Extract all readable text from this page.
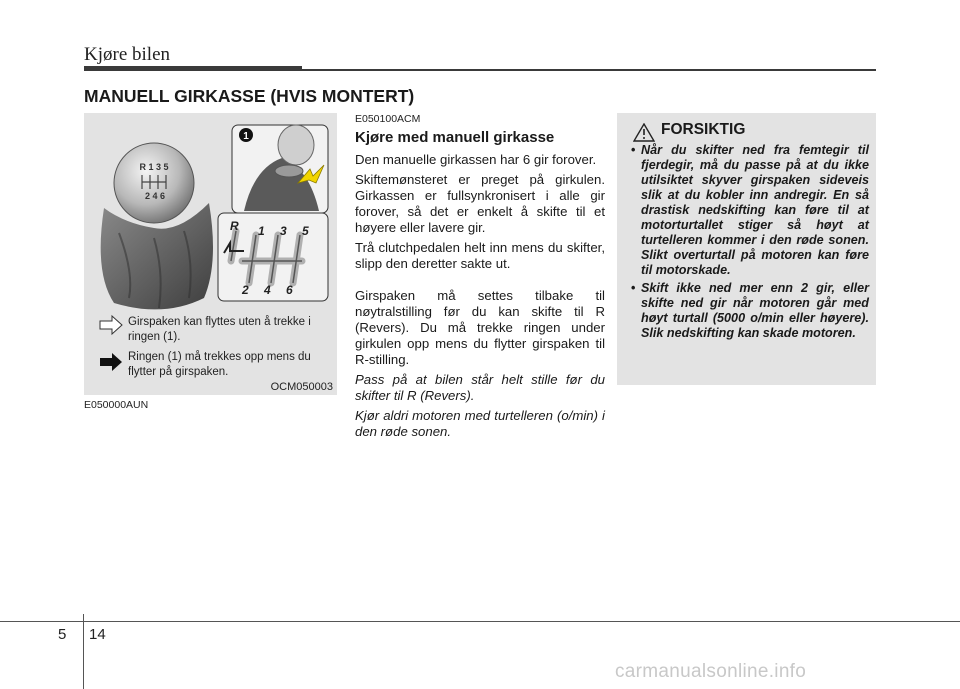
Kjøre bilen
MANUELL GIRKASSE (HVIS MONTERT)
R 1 3 5
2 4 6
1
R 1 3 5
2 4 6
Girspaken kan flyttes uten å trekke i ringen (1).
Ringen (1) må trekkes opp mens du flytter på girspaken.
OCM050003
E050000AUN
E050100ACM
Kjøre med manuell girkasse

Den manuelle girkassen har 6 gir forover.

Skiftemønsteret er preget på girkulen. Girkassen er fullsynkronisert i alle gir forover, så det er enkelt å skifte til et høyere eller lavere gir.

Trå clutchpedalen helt inn mens du skifter, slipp den deretter sakte ut.

Girspaken må settes tilbake til nøytralstilling før du kan skifte til R (Revers). Du må trekke ringen under girkulen opp mens du flytter girspaken til R-stilling.

Pass på at bilen står helt stille før du skifter til R (Revers).

Kjør aldri motoren med turtelleren (o/min) i den røde sonen.

FORSIKTIG
• Når du skifter ned fra femtegir til fjerdegir, må du passe på at du ikke utilsiktet skyver girspaken sideveis slik at du kobler inn andregir. En så drastisk nedskifting kan føre til at motorturtallet stiger så høyt at turtelleren kommer i den røde sonen. Slikt overturtall på motoren kan føre til motorskade.
• Skift ikke ned mer enn 2 gir, eller skifte ned gir når motoren går med høyt turtall (5000 o/min eller høyere). Slik nedskifting kan skade motoren.
5 14
carmanualsonline.info
